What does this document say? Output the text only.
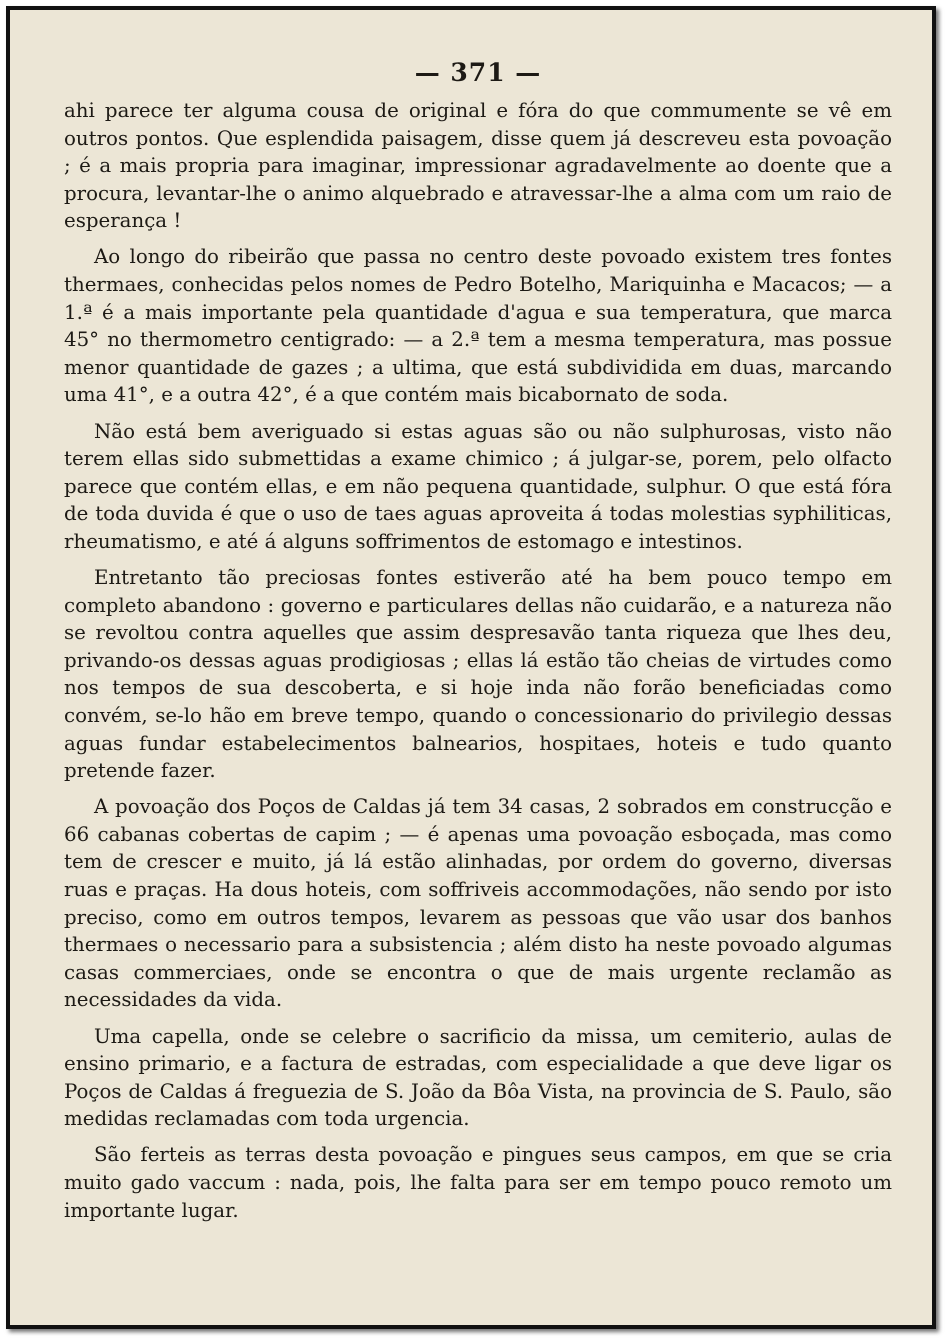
— 371 —

ahi parece ter alguma cousa de original e fóra do que commumente se vê em outros pontos. Que esplendida paisagem, disse quem já descreveu esta povoação ; é a mais propria para imaginar, impressionar agradavelmente ao doente que a procura, levantar-lhe o animo alquebrado e atravessar-lhe a alma com um raio de esperança !

Ao longo do ribeirão que passa no centro deste povoado existem tres fontes thermaes, conhecidas pelos nomes de Pedro Botelho, Mariquinha e Macacos; — a 1.ª é a mais importante pela quantidade d'agua e sua temperatura, que marca 45° no thermometro centigrado: — a 2.ª tem a mesma temperatura, mas possue menor quantidade de gazes ; a ultima, que está subdividida em duas, marcando uma 41°, e a outra 42°, é a que contém mais bicabornato de soda.

Não está bem averiguado si estas aguas são ou não sulphurosas, visto não terem ellas sido submettidas a exame chimico ; á julgar-se, porem, pelo olfacto parece que contém ellas, e em não pequena quantidade, sulphur. O que está fóra de toda duvida é que o uso de taes aguas aproveita á todas molestias syphiliticas, rheumatismo, e até á alguns soffrimentos de estomago e intestinos.

Entretanto tão preciosas fontes estiverão até ha bem pouco tempo em completo abandono : governo e particulares dellas não cuidarão, e a natureza não se revoltou contra aquelles que assim despresavão tanta riqueza que lhes deu, privando-os dessas aguas prodigiosas ; ellas lá estão tão cheias de virtudes como nos tempos de sua descoberta, e si hoje inda não forão beneficiadas como convém, se-lo hão em breve tempo, quando o concessionario do privilegio dessas aguas fundar estabelecimentos balnearios, hospitaes, hoteis e tudo quanto pretende fazer.

A povoação dos Poços de Caldas já tem 34 casas, 2 sobrados em construcção e 66 cabanas cobertas de capim ; — é apenas uma povoação esboçada, mas como tem de crescer e muito, já lá estão alinhadas, por ordem do governo, diversas ruas e praças. Ha dous hoteis, com soffriveis accommodações, não sendo por isto preciso, como em outros tempos, levarem as pessoas que vão usar dos banhos thermaes o necessario para a subsistencia ; além disto ha neste povoado algumas casas commerciaes, onde se encontra o que de mais urgente reclamão as necessidades da vida.

Uma capella, onde se celebre o sacrificio da missa, um cemiterio, aulas de ensino primario, e a factura de estradas, com especialidade a que deve ligar os Poços de Caldas á freguezia de S. João da Bôa Vista, na provincia de S. Paulo, são medidas reclamadas com toda urgencia.

São ferteis as terras desta povoação e pingues seus campos, em que se cria muito gado vaccum : nada, pois, lhe falta para ser em tempo pouco remoto um importante lugar.
